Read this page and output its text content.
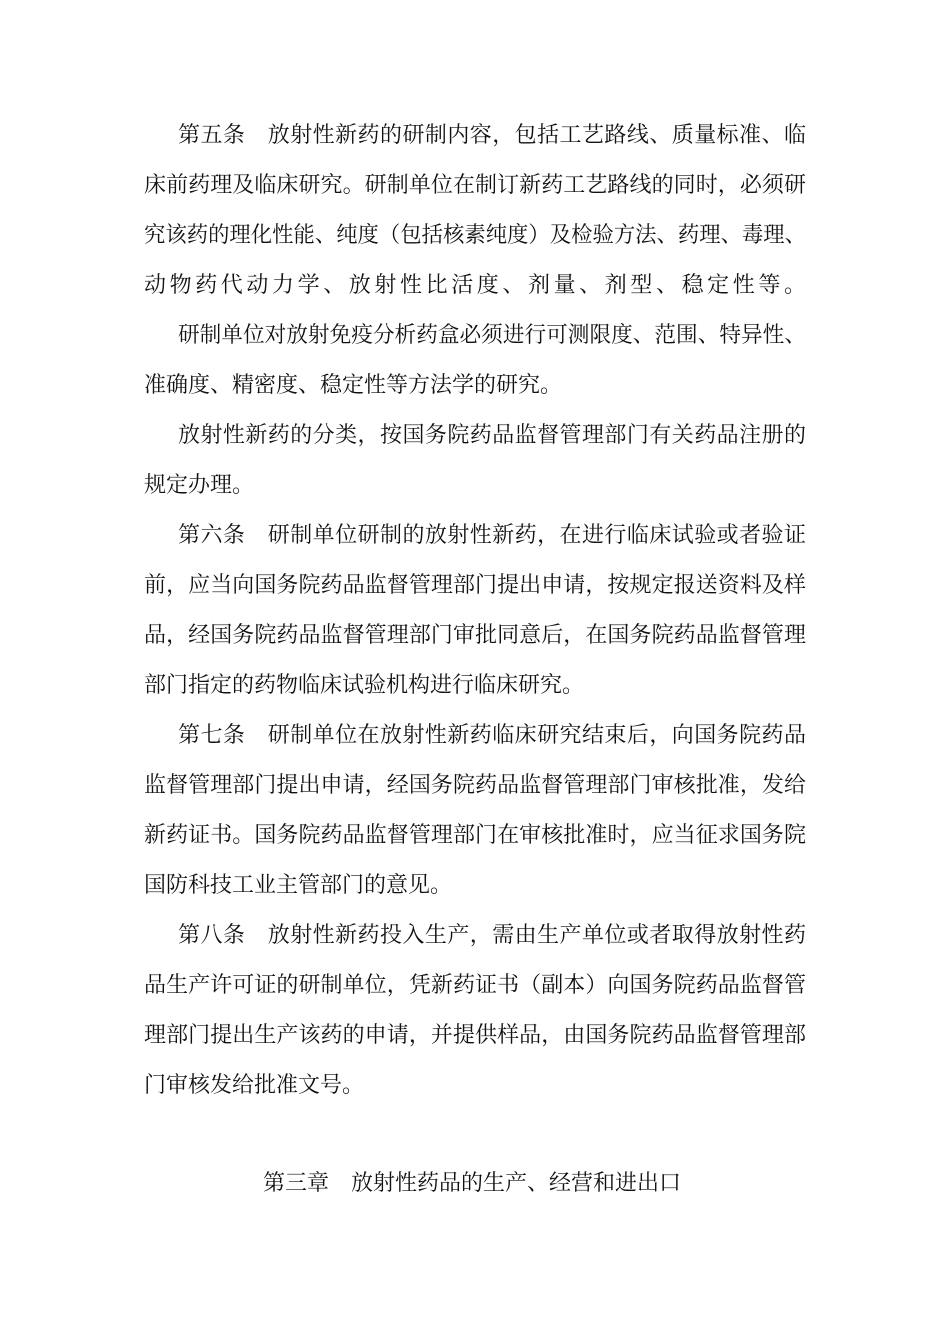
第五条　放射性新药的研制内容，包括工艺路线、质量标准、临
床前药理及临床研究。研制单位在制订新药工艺路线的同时，必须研
究该药的理化性能、纯度（包括核素纯度）及检验方法、药理、毒理、
动物药代动力学、放射性比活度、剂量、剂型、稳定性等。
研制单位对放射免疫分析药盒必须进行可测限度、范围、特异性、
准确度、精密度、稳定性等方法学的研究。
放射性新药的分类，按国务院药品监督管理部门有关药品注册的
规定办理。
第六条　研制单位研制的放射性新药，在进行临床试验或者验证
前，应当向国务院药品监督管理部门提出申请，按规定报送资料及样
品，经国务院药品监督管理部门审批同意后，在国务院药品监督管理
部门指定的药物临床试验机构进行临床研究。
第七条　研制单位在放射性新药临床研究结束后，向国务院药品
监督管理部门提出申请，经国务院药品监督管理部门审核批准，发给
新药证书。国务院药品监督管理部门在审核批准时，应当征求国务院
国防科技工业主管部门的意见。
第八条　放射性新药投入生产，需由生产单位或者取得放射性药
品生产许可证的研制单位，凭新药证书（副本）向国务院药品监督管
理部门提出生产该药的申请，并提供样品，由国务院药品监督管理部
门审核发给批准文号。
第三章　放射性药品的生产、经营和进出口
